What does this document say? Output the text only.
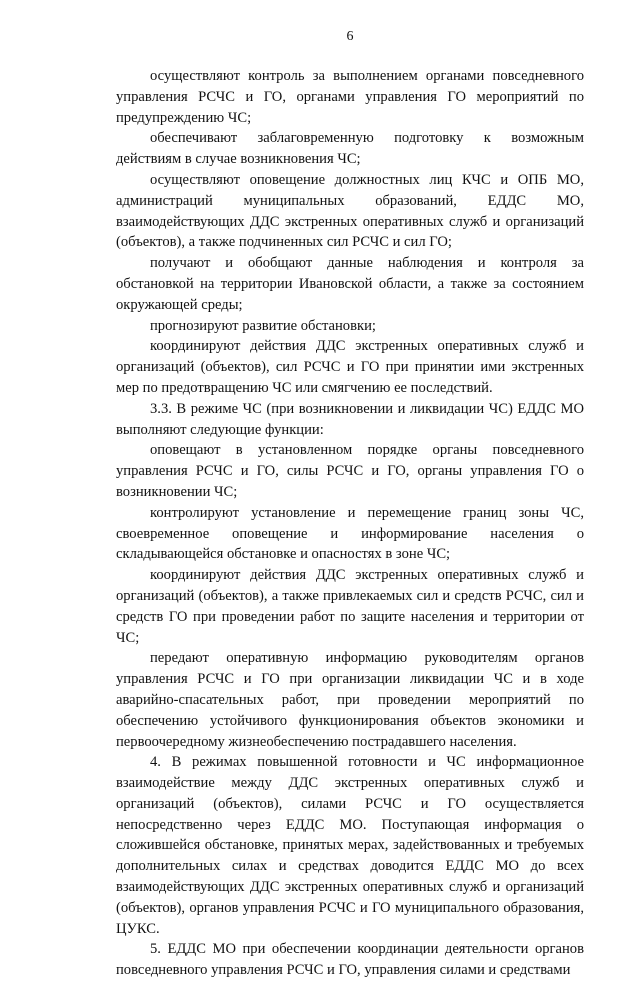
6

осуществляют контроль за выполнением органами повседневного управления РСЧС и ГО, органами управления ГО мероприятий по предупреждению ЧС;

обеспечивают заблаговременную подготовку к возможным действиям в случае возникновения ЧС;

осуществляют оповещение должностных лиц КЧС и ОПБ МО, администраций муниципальных образований, ЕДДС МО, взаимодействующих ДДС экстренных оперативных служб и организаций (объектов), а также подчиненных сил РСЧС и сил ГО;

получают и обобщают данные наблюдения и контроля за обстановкой на территории Ивановской области, а также за состоянием окружающей среды;

прогнозируют развитие обстановки;

координируют действия ДДС экстренных оперативных служб и организаций (объектов), сил РСЧС и ГО при принятии ими экстренных мер по предотвращению ЧС или смягчению ее последствий.

3.3. В режиме ЧС (при возникновении и ликвидации ЧС) ЕДДС МО выполняют следующие функции:

оповещают в установленном порядке органы повседневного управления РСЧС и ГО, силы РСЧС и ГО, органы управления ГО о возникновении ЧС;

контролируют установление и перемещение границ зоны ЧС, своевременное оповещение и информирование населения о складывающейся обстановке и опасностях в зоне ЧС;

координируют действия ДДС экстренных оперативных служб и организаций (объектов), а также привлекаемых сил и средств РСЧС, сил и средств ГО при проведении работ по защите населения и территории от ЧС;

передают оперативную информацию руководителям органов управления РСЧС и ГО при организации ликвидации ЧС и в ходе аварийно-спасательных работ, при проведении мероприятий по обеспечению устойчивого функционирования объектов экономики и первоочередному жизнеобеспечению пострадавшего населения.

4. В режимах повышенной готовности и ЧС информационное взаимодействие между ДДС экстренных оперативных служб и организаций (объектов), силами РСЧС и ГО осуществляется непосредственно через ЕДДС МО. Поступающая информация о сложившейся обстановке, принятых мерах, задействованных и требуемых дополнительных силах и средствах доводится ЕДДС МО до всех взаимодействующих ДДС экстренных оперативных служб и организаций (объектов), органов управления РСЧС и ГО муниципального образования, ЦУКС.

5. ЕДДС МО при обеспечении координации деятельности органов повседневного управления РСЧС и ГО, управления силами и средствами
